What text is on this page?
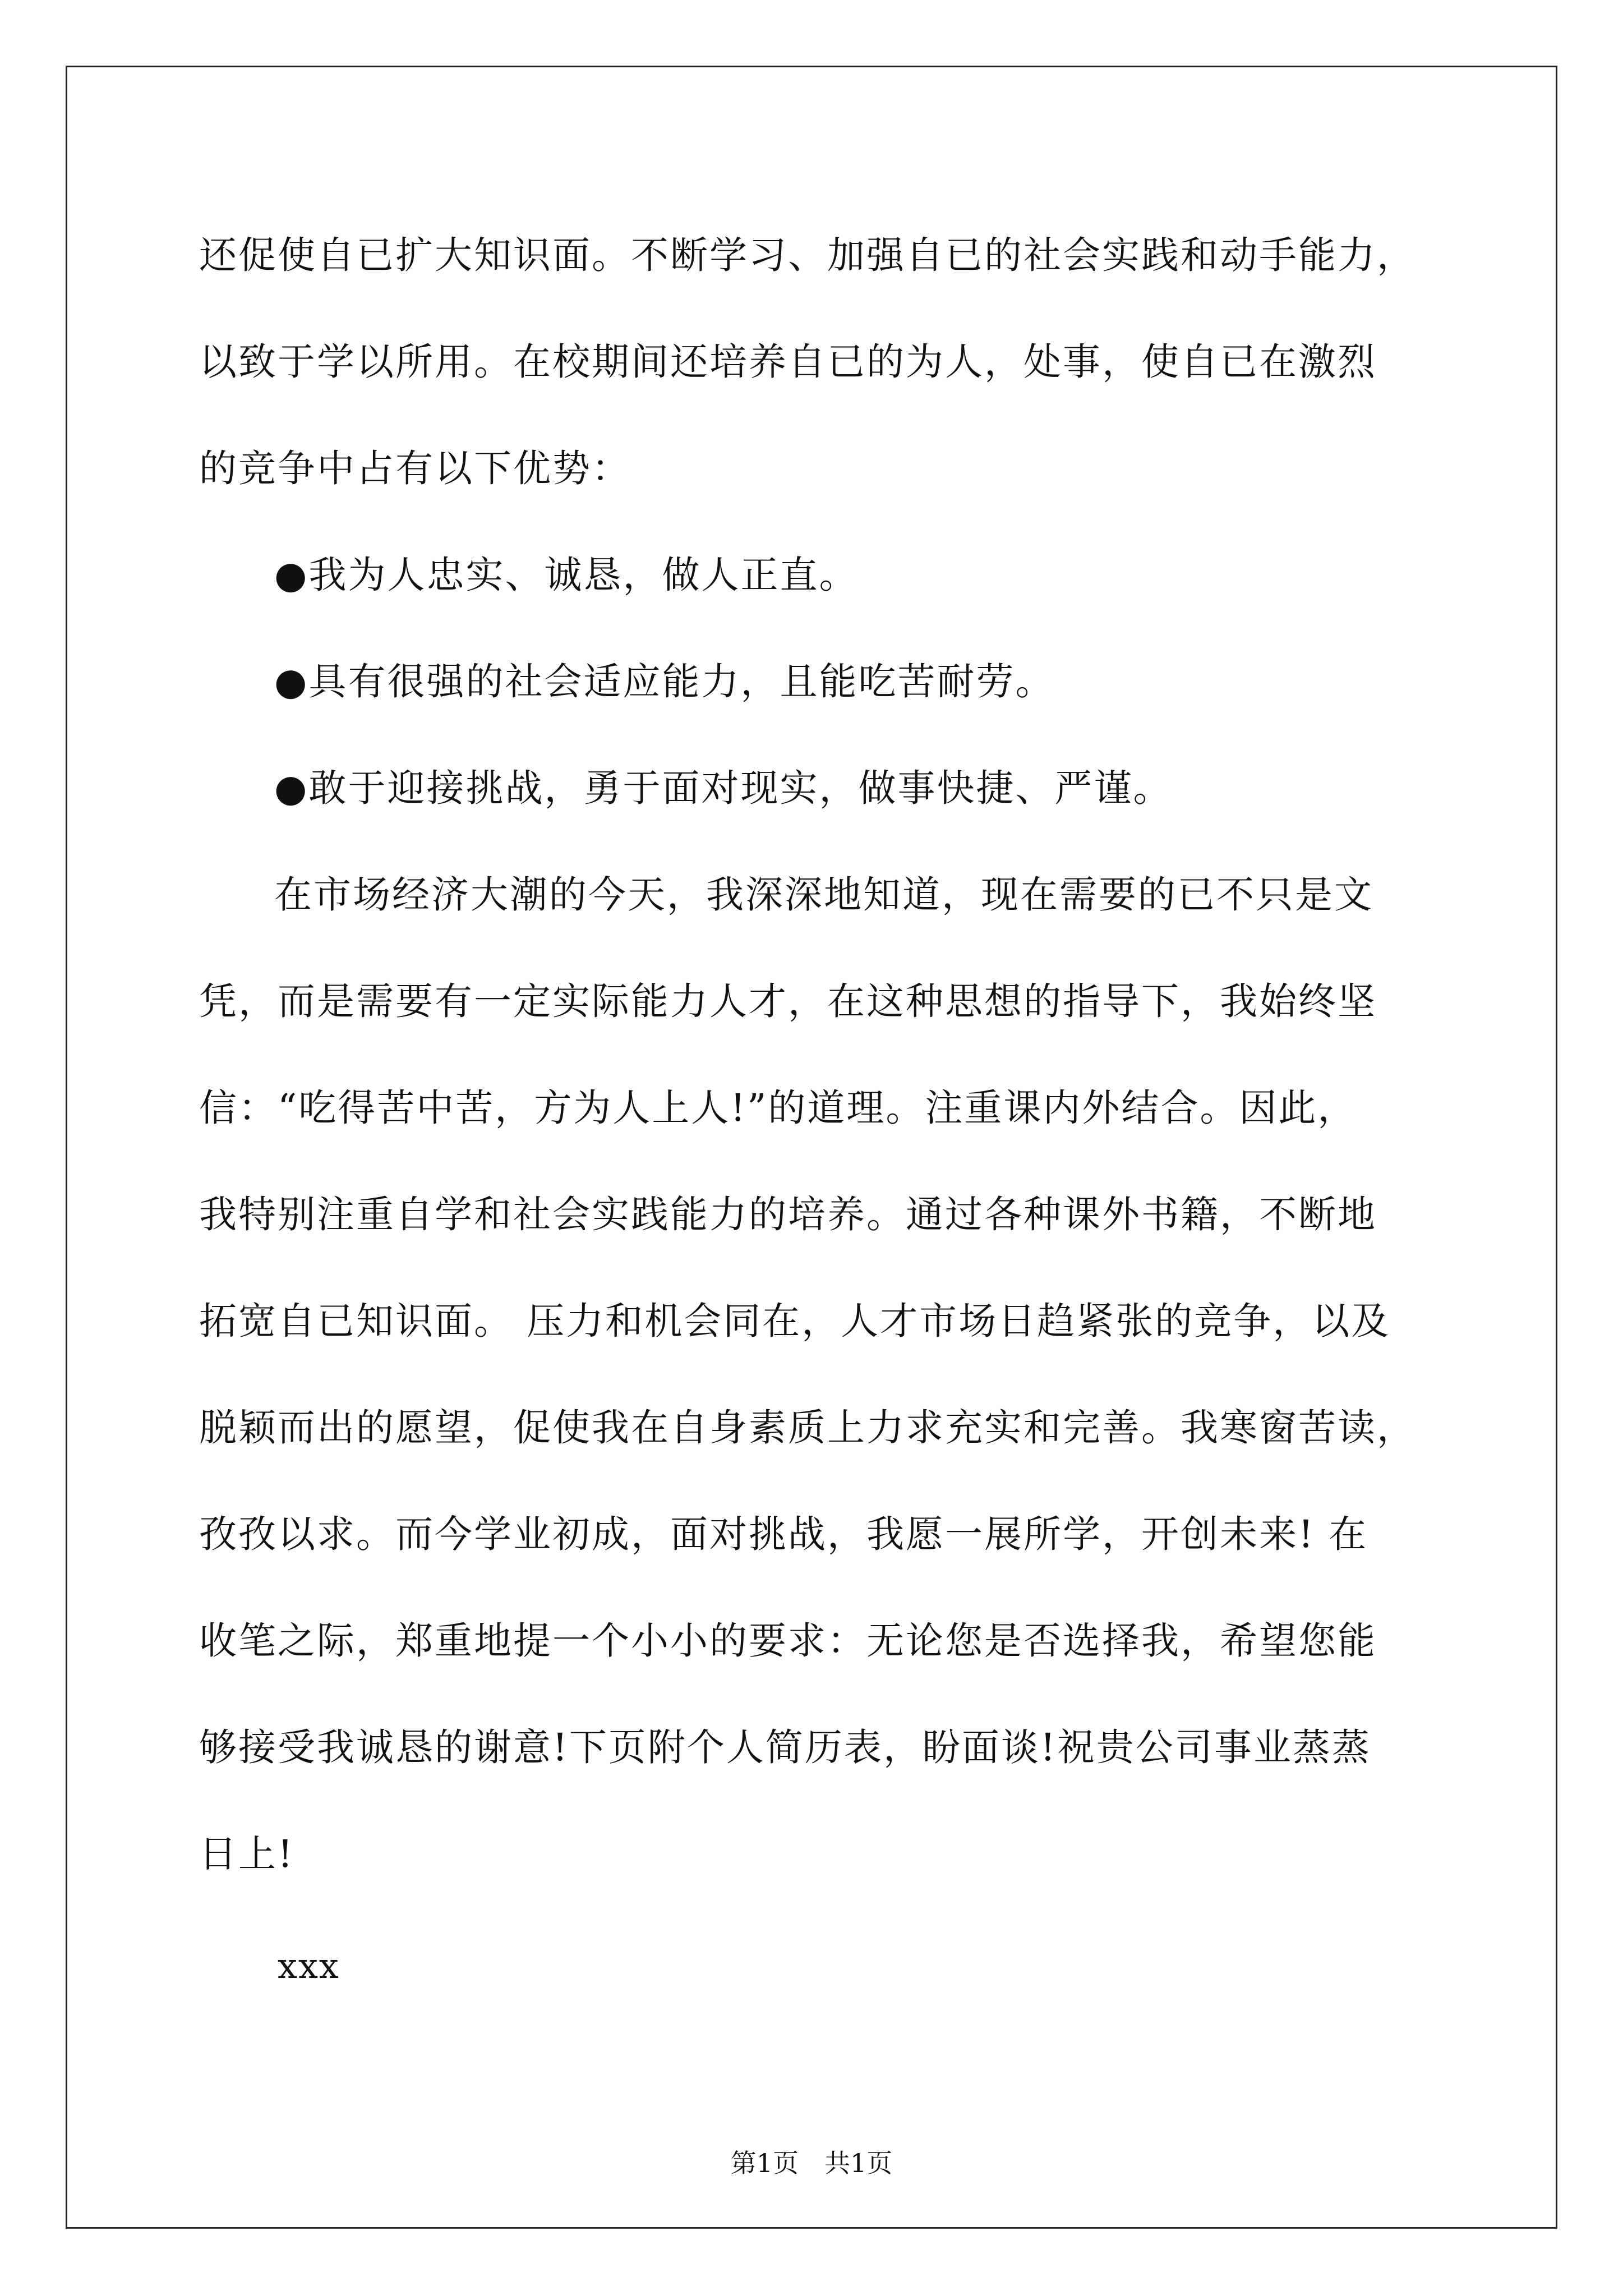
还促使自已扩大知识面。不断学习、加强自已的社会实践和动手能力，
以致于学以所用。在校期间还培养自已的为人，处事，使自已在激烈
的竞争中占有以下优势：
●我为人忠实、诚恳，做人正直。
●具有很强的社会适应能力，且能吃苦耐劳。
●敢于迎接挑战，勇于面对现实，做事快捷、严谨。
在市场经济大潮的今天，我深深地知道，现在需要的已不只是文
凭，而是需要有一定实际能力人才，在这种思想的指导下，我始终坚
信：“吃得苦中苦，方为人上人!”的道理。注重课内外结合。因此，
我特别注重自学和社会实践能力的培养。通过各种课外书籍，不断地
拓宽自已知识面。 压力和机会同在，人才市场日趋紧张的竞争，以及
脱颖而出的愿望，促使我在自身素质上力求充实和完善。我寒窗苦读，
孜孜以求。而今学业初成，面对挑战，我愿一展所学，开创未来! 在
收笔之际，郑重地提一个小小的要求：无论您是否选择我，希望您能
够接受我诚恳的谢意!下页附个人简历表，盼面谈!祝贵公司事业蒸蒸
日上!
xxx
第1页　共1页
